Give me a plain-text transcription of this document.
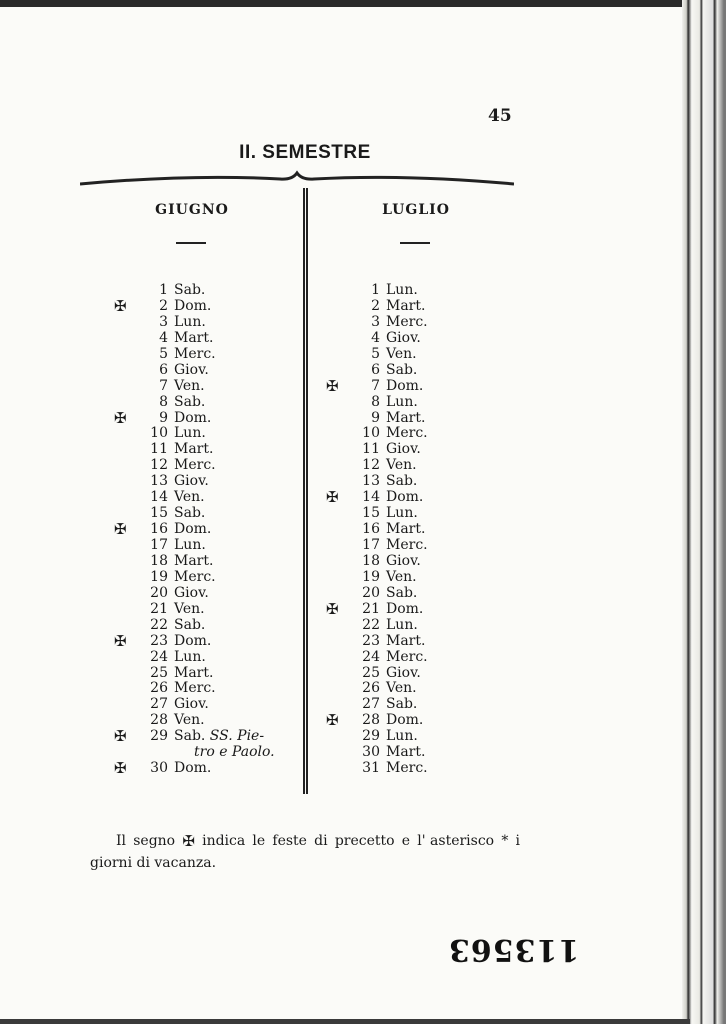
45
II. SEMESTRE
GIUGNO	LUGLIO
1 Sab.
✠ 2 Dom.
3 Lun.
4 Mart.
5 Merc.
6 Giov.
7 Ven.
8 Sab.
✠ 9 Dom.
10 Lun.
11 Mart.
12 Merc.
13 Giov.
14 Ven.
15 Sab.
✠ 16 Dom.
17 Lun.
18 Mart.
19 Merc.
20 Giov.
21 Ven.
22 Sab.
✠ 23 Dom.
24 Lun.
25 Mart.
26 Merc.
27 Giov.
28 Ven.
✠ 29 Sab. SS. Pie-
tro e Paolo.
✠ 30 Dom.
1 Lun.
2 Mart.
3 Merc.
4 Giov.
5 Ven.
6 Sab.
✠ 7 Dom.
8 Lun.
9 Mart.
10 Merc.
11 Giov.
12 Ven.
13 Sab.
✠ 14 Dom.
15 Lun.
16 Mart.
17 Merc.
18 Giov.
19 Ven.
20 Sab.
✠ 21 Dom.
22 Lun.
23 Mart.
24 Merc.
25 Giov.
26 Ven.
27 Sab.
✠ 28 Dom.
29 Lun.
30 Mart.
31 Merc.
Il segno ✠ indica le feste di precetto e l' asterisco * i
giorni di vacanza.
113563
